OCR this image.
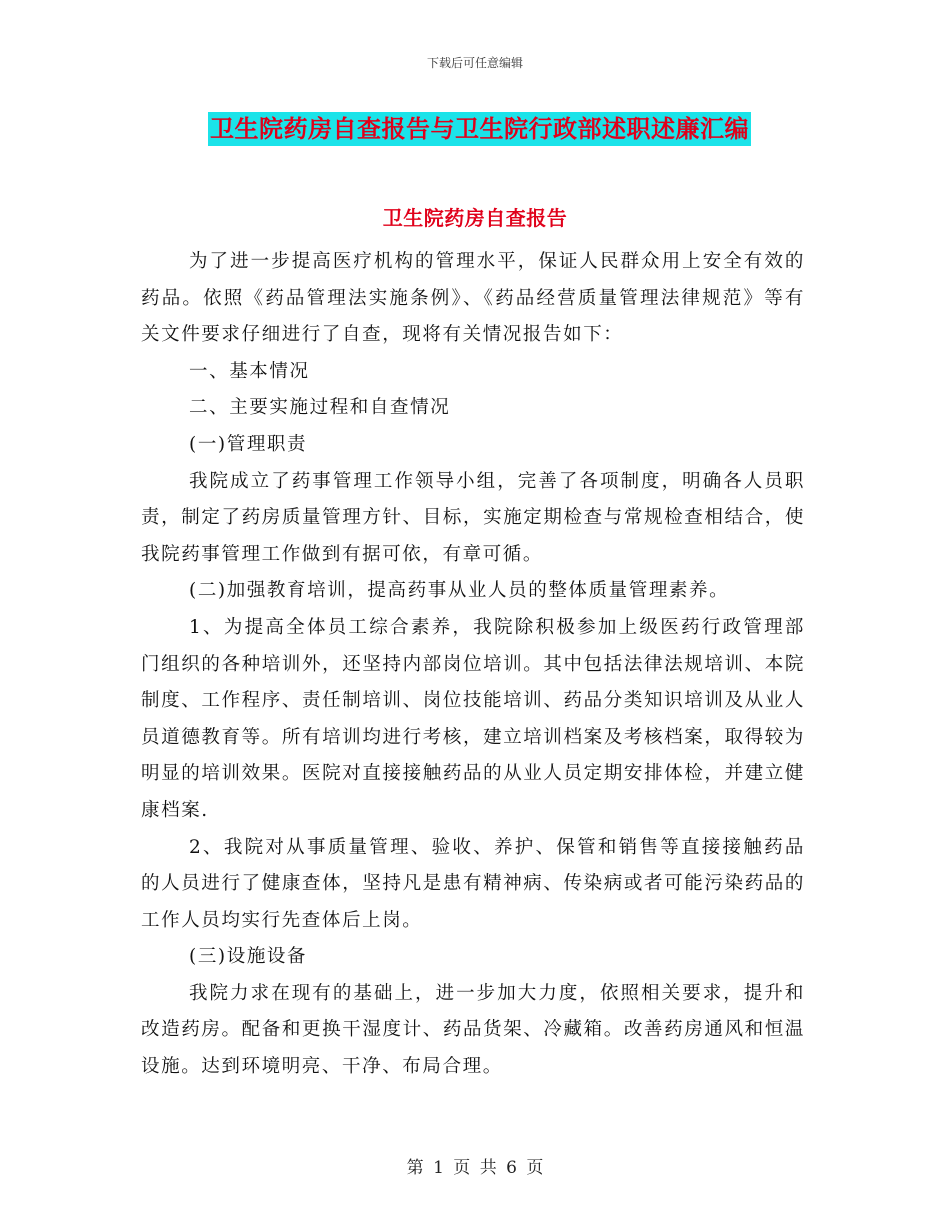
下载后可任意编辑
卫生院药房自查报告与卫生院行政部述职述廉汇编
卫生院药房自查报告

为了进一步提高医疗机构的管理水平，保证人民群众用上安全有效的药品。依照《药品管理法实施条例》、《药品经营质量管理法律规范》等有关文件要求仔细进行了自查，现将有关情况报告如下：

一、基本情况

二、主要实施过程和自查情况

(一)管理职责

我院成立了药事管理工作领导小组，完善了各项制度，明确各人员职责，制定了药房质量管理方针、目标，实施定期检查与常规检查相结合，使我院药事管理工作做到有据可依，有章可循。

(二)加强教育培训，提高药事从业人员的整体质量管理素养。

1、为提高全体员工综合素养，我院除积极参加上级医药行政管理部门组织的各种培训外，还坚持内部岗位培训。其中包括法律法规培训、本院制度、工作程序、责任制培训、岗位技能培训、药品分类知识培训及从业人员道德教育等。所有培训均进行考核，建立培训档案及考核档案，取得较为明显的培训效果。医院对直接接触药品的从业人员定期安排体检，并建立健康档案.

2、我院对从事质量管理、验收、养护、保管和销售等直接接触药品的人员进行了健康查体，坚持凡是患有精神病、传染病或者可能污染药品的工作人员均实行先查体后上岗。

(三)设施设备

我院力求在现有的基础上，进一步加大力度，依照相关要求，提升和改造药房。配备和更换干湿度计、药品货架、冷藏箱。改善药房通风和恒温设施。达到环境明亮、干净、布局合理。

第 1 页 共 6 页
